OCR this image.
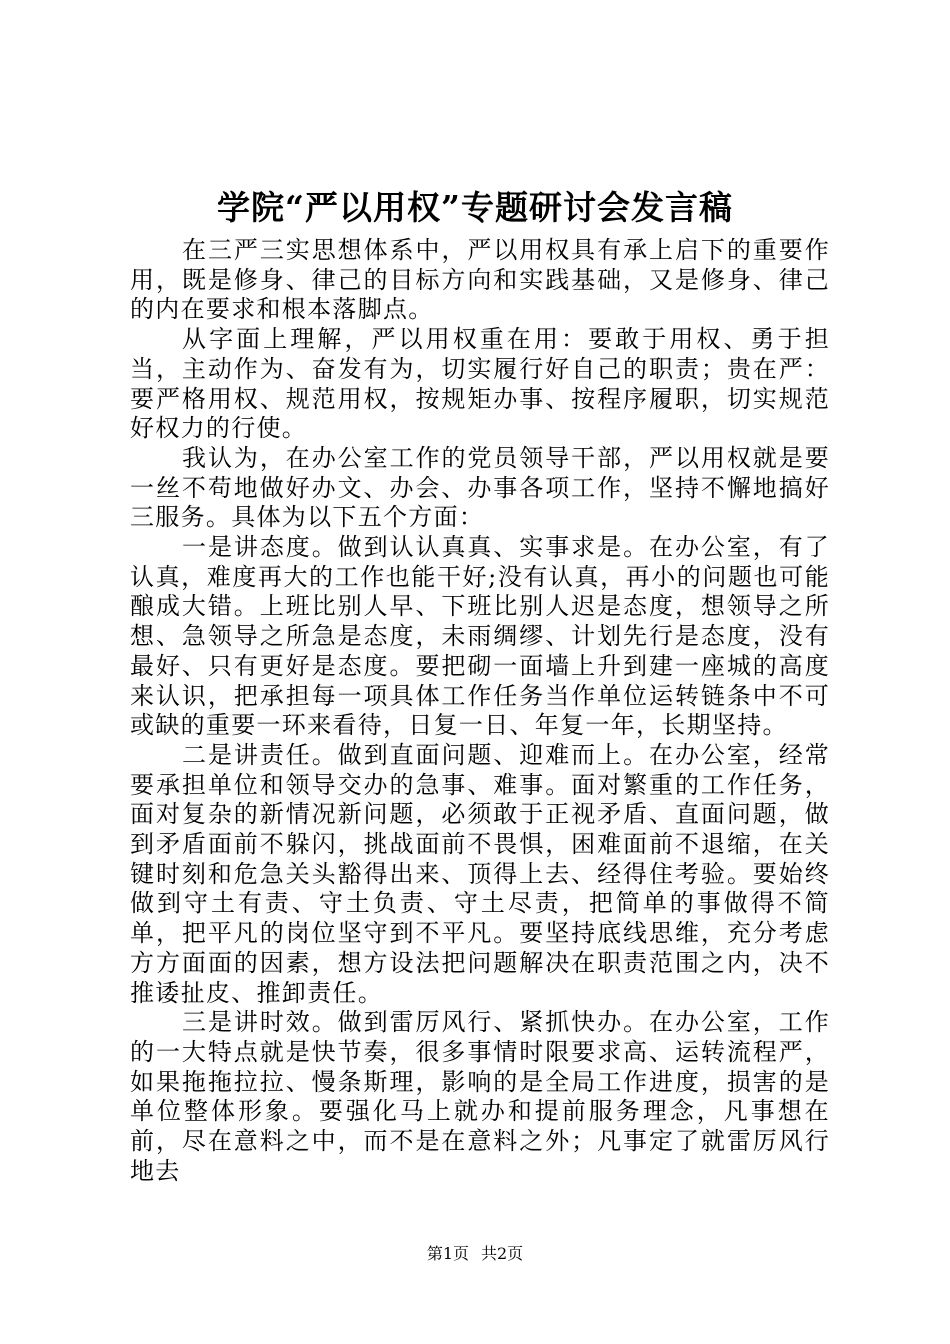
学院“严以用权”专题研讨会发言稿

在三严三实思想体系中，严以用权具有承上启下的重要作用，既是修身、律己的目标方向和实践基础，又是修身、律己的内在要求和根本落脚点。

从字面上理解，严以用权重在用：要敢于用权、勇于担当，主动作为、奋发有为，切实履行好自己的职责；贵在严：要严格用权、规范用权，按规矩办事、按程序履职，切实规范好权力的行使。

我认为，在办公室工作的党员领导干部，严以用权就是要一丝不苟地做好办文、办会、办事各项工作，坚持不懈地搞好三服务。具体为以下五个方面：

一是讲态度。做到认认真真、实事求是。在办公室，有了认真，难度再大的工作也能干好;没有认真，再小的问题也可能酿成大错。上班比别人早、下班比别人迟是态度，想领导之所想、急领导之所急是态度，未雨绸缪、计划先行是态度，没有最好、只有更好是态度。要把砌一面墙上升到建一座城的高度来认识，把承担每一项具体工作任务当作单位运转链条中不可或缺的重要一环来看待，日复一日、年复一年，长期坚持。

二是讲责任。做到直面问题、迎难而上。在办公室，经常要承担单位和领导交办的急事、难事。面对繁重的工作任务，面对复杂的新情况新问题，必须敢于正视矛盾、直面问题，做到矛盾面前不躲闪，挑战面前不畏惧，困难面前不退缩，在关键时刻和危急关头豁得出来、顶得上去、经得住考验。要始终做到守土有责、守土负责、守土尽责，把简单的事做得不简单，把平凡的岗位坚守到不平凡。要坚持底线思维，充分考虑方方面面的因素，想方设法把问题解决在职责范围之内，决不推诿扯皮、推卸责任。

三是讲时效。做到雷厉风行、紧抓快办。在办公室，工作的一大特点就是快节奏，很多事情时限要求高、运转流程严，如果拖拖拉拉、慢条斯理，影响的是全局工作进度，损害的是单位整体形象。要强化马上就办和提前服务理念，凡事想在前，尽在意料之中，而不是在意料之外；凡事定了就雷厉风行地去

第1页 共2页
